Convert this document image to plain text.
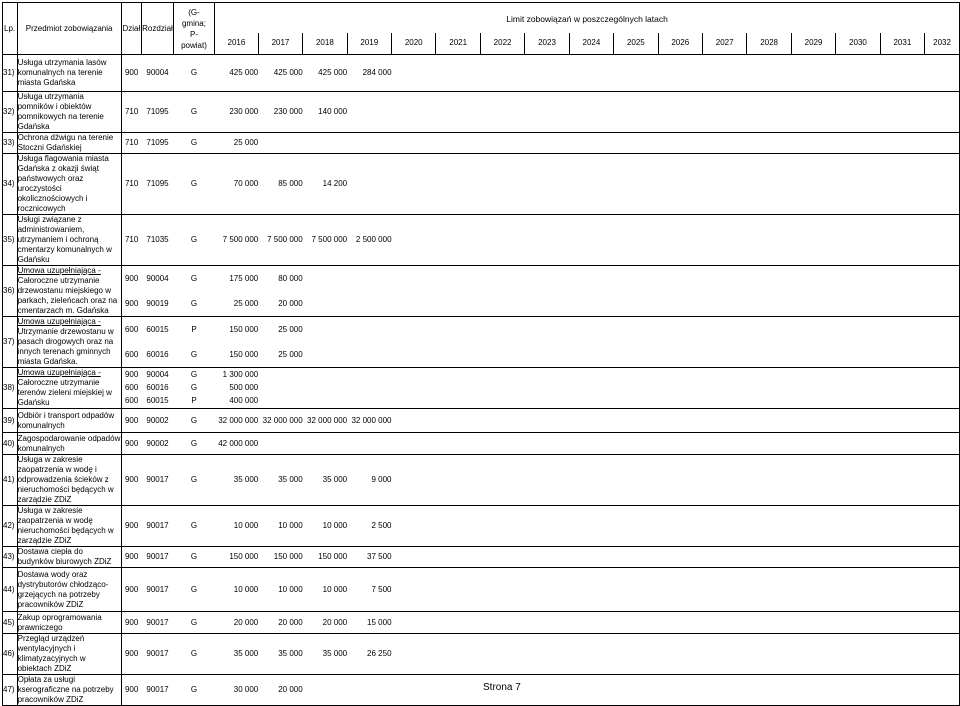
Lp.	Przedmiot zobowiązania	Dział	Rozdział	(G-
gmina;
P-
powiat)	Limit zobowiązań w poszczególnych latach																
					2016	2017	2018	2019	2020	2021	2022	2023	2024	2025	2026	2027	2028	2029	2030	2031	2032
31)	Usługa utrzymania lasów komunalnych na terenie miasta Gdańska	900	90004	G	425 000	425 000	425 000	284 000													
32)	Usługa utrzymania pomników i obiektów pomnikowych na terenie Gdańska	710	71095	G	230 000	230 000	140 000														
33)	Ochrona dźwigu na terenie Stoczni Gdańskiej	710	71095	G	25 000																
34)	Usługa flagowania miasta Gdańska z okazji świąt państwowych oraz uroczystości okolicznościowych i rocznicowych	710	71095	G	70 000	85 000	14 200														
35)	Usługi związane z administrowaniem, utrzymaniem i ochroną cmentarzy komunalnych w Gdańsku	710	71035	G	7 500 000	7 500 000	7 500 000	2 500 000													
36)	Umowa uzupełniająca -
Całoroczne utrzymanie drzewostanu miejskiego w parkach, zieleńcach oraz na cmentarzach m. Gdańska	900	90004	G	175 000	80 000															
		900	90019	G	25 000	20 000															
37)	Umowa uzupełniająca -
Utrzymanie drzewostanu w pasach drogowych oraz na innych terenach gminnych miasta Gdańska.	600	60015	P	150 000	25 000															
		600	60016	G	150 000	25 000															
38)	Umowa uzupełniająca -
Całoroczne utrzymanie terenów zieleni miejskiej w Gdańsku	900	90004	G	1 300 000																
		600	60016	G	500 000																
		600	60015	P	400 000																
39)	Odbiór i transport odpadów komunalnych	900	90002	G	32 000 000	32 000 000	32 000 000	32 000 000													
40)	Zagospodarowanie odpadów komunalnych	900	90002	G	42 000 000																
41)	Usługa w zakresie zaopatrzenia w wodę i odprowadzenia ścieków z nieruchomości będących w zarządzie ZDiZ	900	90017	G	35 000	35 000	35 000	9 000													
42)	Usługa w zakresie zaopatrzenia w wodę nieruchomości będących w zarządzie ZDiZ	900	90017	G	10 000	10 000	10 000	2 500													
43)	Dostawa ciepła do budynków biurowych ZDiZ	900	90017	G	150 000	150 000	150 000	37 500													
44)	Dostawa wody oraz dystrybutorów chłodząco-grzejących na potrzeby pracowników ZDiZ	900	90017	G	10 000	10 000	10 000	7 500													
45)	Zakup oprogramowania prawniczego	900	90017	G	20 000	20 000	20 000	15 000													
46)	Przegląd urządzeń wentylacyjnych i klimatyzacyjnych w obiektach ZDiZ	900	90017	G	35 000	35 000	35 000	26 250													
47)	Opłata za usługi kserograficzne na potrzeby pracowników ZDiZ	900	90017	G	30 000	20 000																Strona 7
